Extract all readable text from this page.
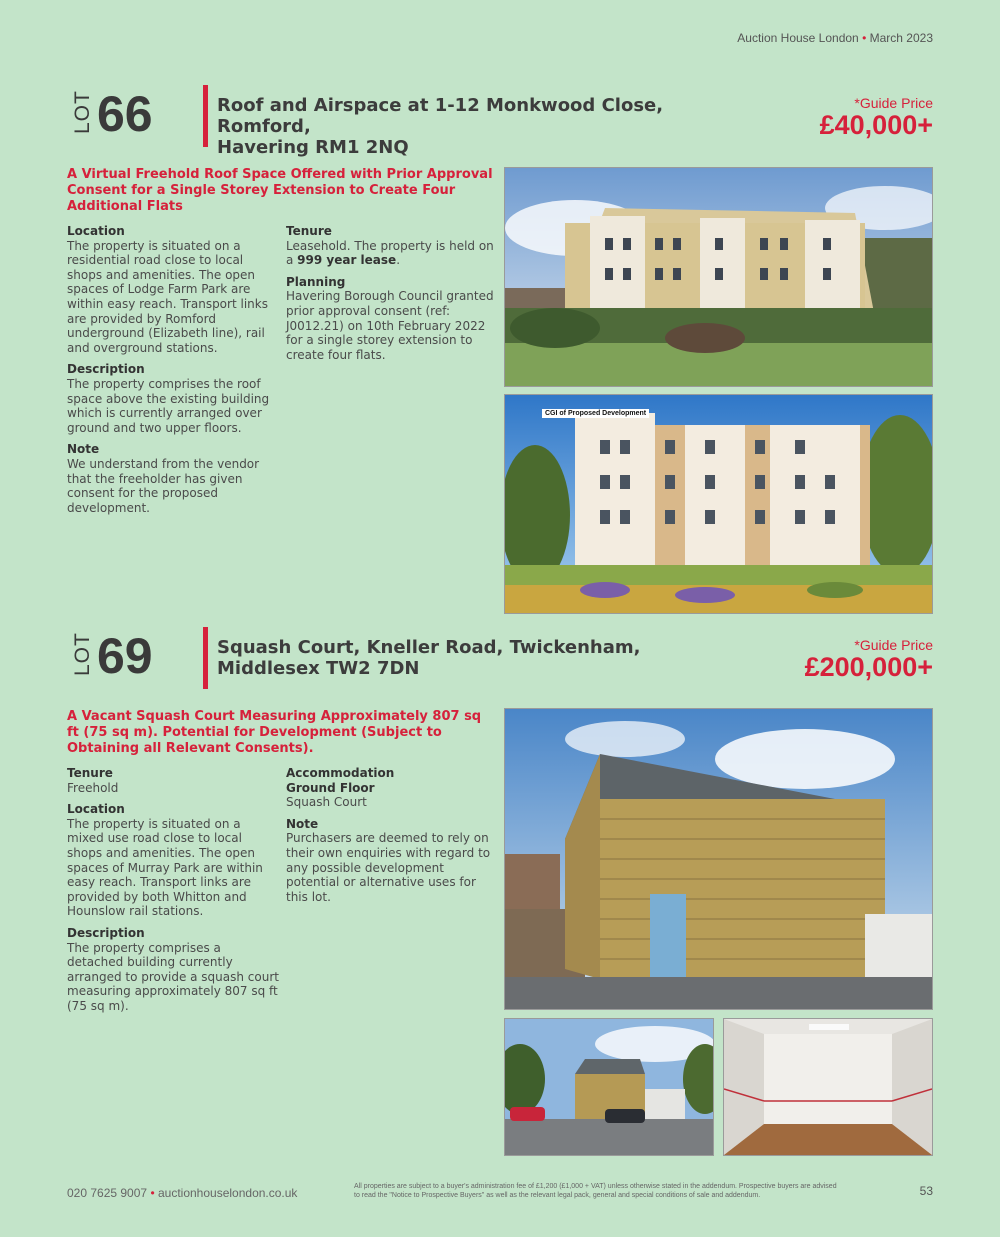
Auction House London • March 2023
LOT 66	Roof and Airspace at 1-12 Monkwood Close, Romford,
Havering RM1 2NQ
*Guide Price
£40,000+
A Virtual Freehold Roof Space Offered with Prior Approval Consent for a Single Storey Extension to Create Four Additional Flats
Location

The property is situated on a residential road close to local shops and amenities. The open spaces of Lodge Farm Park are within easy reach. Transport links are provided by Romford underground (Elizabeth line), rail and overground stations.

Description

The property comprises the roof space above the existing building which is currently arranged over ground and two upper floors.

Note

We understand from the vendor that the freeholder has given consent for the proposed development.

Tenure

Leasehold. The property is held on a 999 year lease.

Planning

Havering Borough Council granted prior approval consent (ref: J0012.21) on 10th February 2022 for a single storey extension to create four flats.

CGI of Proposed Development
LOT 69	Squash Court, Kneller Road, Twickenham,
Middlesex TW2 7DN
*Guide Price
£200,000+
A Vacant Squash Court Measuring Approximately 807 sq ft (75 sq m). Potential for Development (Subject to Obtaining all Relevant Consents).
Tenure

Freehold

Location

The property is situated on a mixed use road close to local shops and amenities. The open spaces of Murray Park are within easy reach. Transport links are provided by both Whitton and Hounslow rail stations.

Description

The property comprises a detached building currently arranged to provide a squash court measuring approximately 807 sq ft (75 sq m).

Accommodation

Ground Floor

Squash Court

Note

Purchasers are deemed to rely on their own enquiries with regard to any possible development potential or alternative uses for this lot.

020 7625 9007 • auctionhouselondon.co.uk	All properties are subject to a buyer's administration fee of £1,200 (£1,000 + VAT) unless otherwise stated in the addendum. Prospective buyers are advised to read the "Notice to Prospective Buyers" as well as the relevant legal pack, general and special conditions of sale and addendum.	53
